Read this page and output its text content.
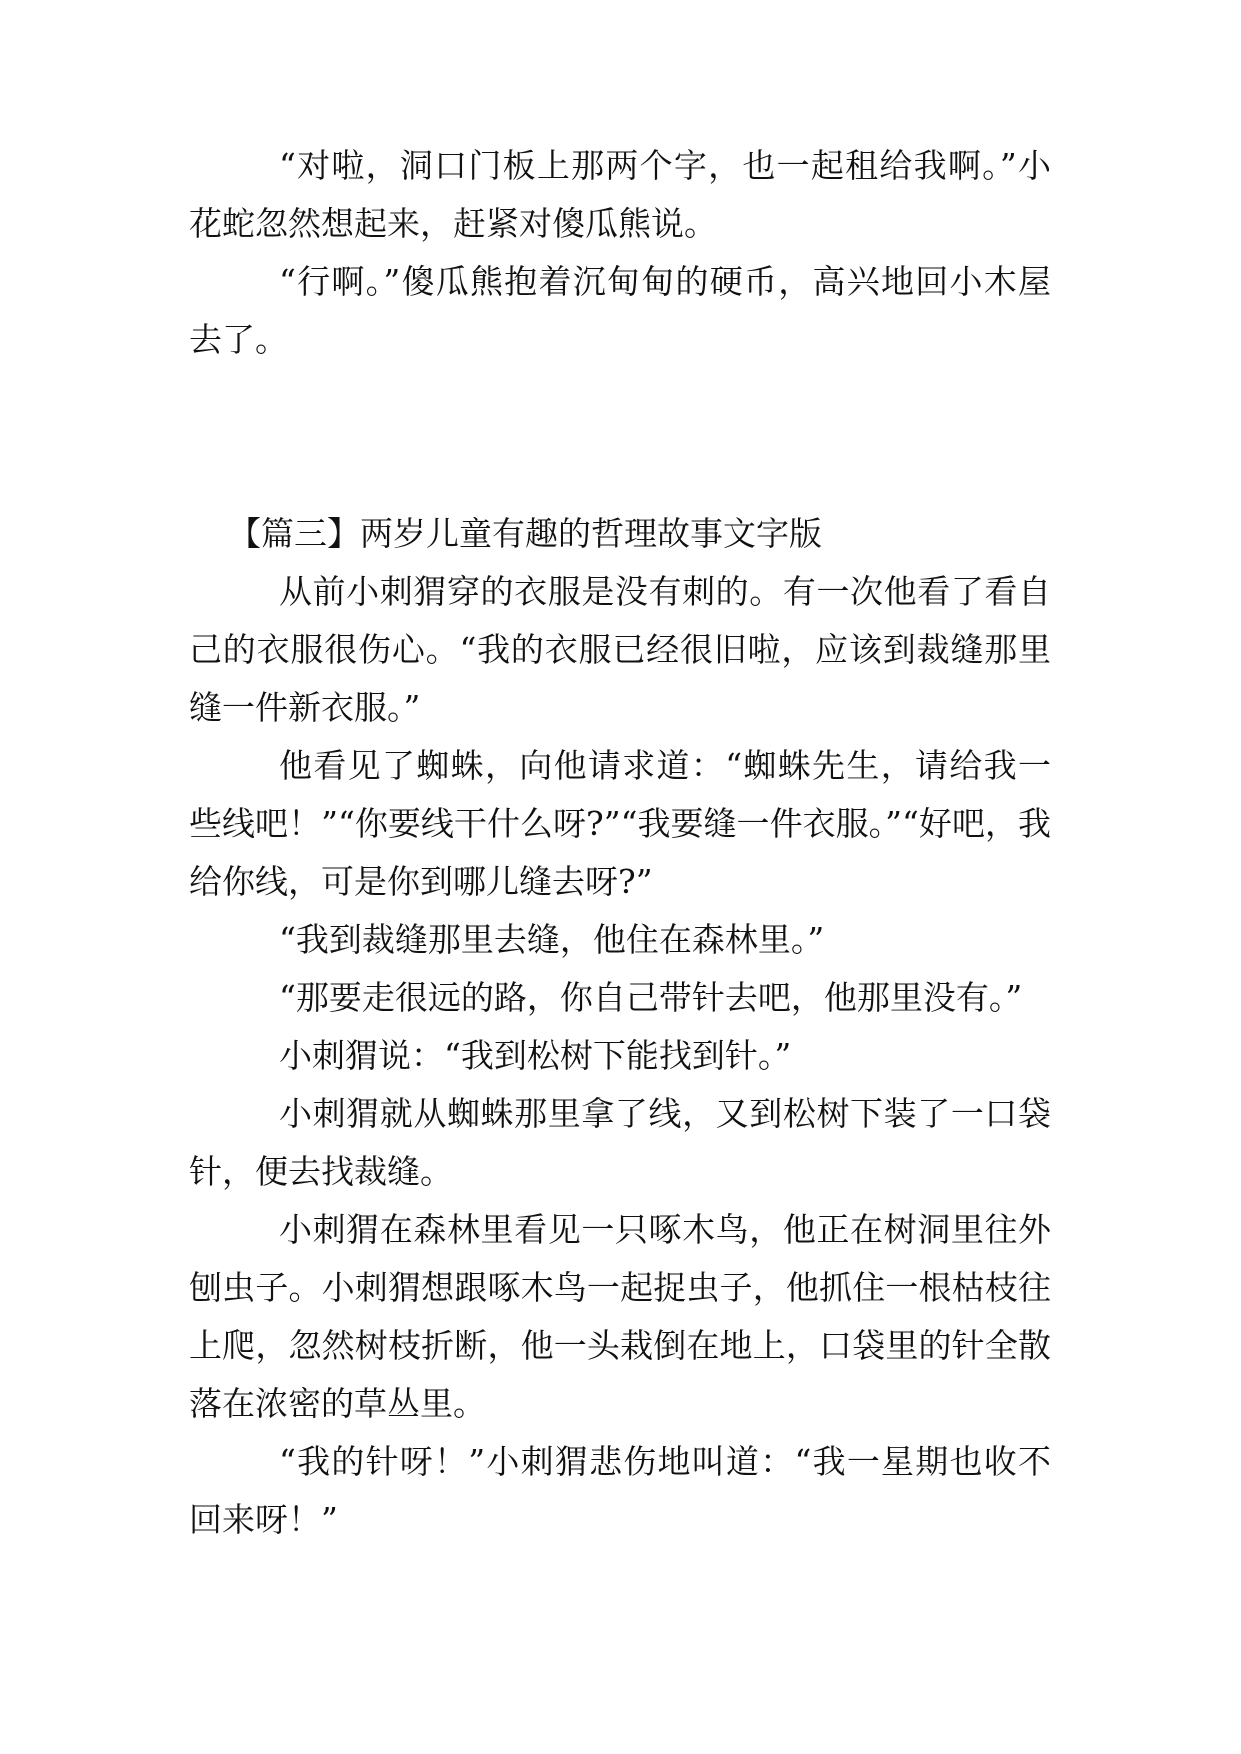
“对啦，洞口门板上那两个字，也一起租给我啊。”小花蛇忽然想起来，赶紧对傻瓜熊说。

“行啊。”傻瓜熊抱着沉甸甸的硬币，高兴地回小木屋去了。

【篇三】两岁儿童有趣的哲理故事文字版

从前小刺猬穿的衣服是没有刺的。有一次他看了看自己的衣服很伤心。“我的衣服已经很旧啦，应该到裁缝那里缝一件新衣服。”

他看见了蜘蛛，向他请求道：“蜘蛛先生，请给我一些线吧！”“你要线干什么呀?”“我要缝一件衣服。”“好吧，我给你线，可是你到哪儿缝去呀?”

“我到裁缝那里去缝，他住在森林里。”

“那要走很远的路，你自己带针去吧，他那里没有。”

小刺猬说：“我到松树下能找到针。”

小刺猬就从蜘蛛那里拿了线，又到松树下装了一口袋针，便去找裁缝。

小刺猬在森林里看见一只啄木鸟，他正在树洞里往外刨虫子。小刺猬想跟啄木鸟一起捉虫子，他抓住一根枯枝往上爬，忽然树枝折断，他一头栽倒在地上，口袋里的针全散落在浓密的草丛里。

“我的针呀！”小刺猬悲伤地叫道：“我一星期也收不回来呀！”
